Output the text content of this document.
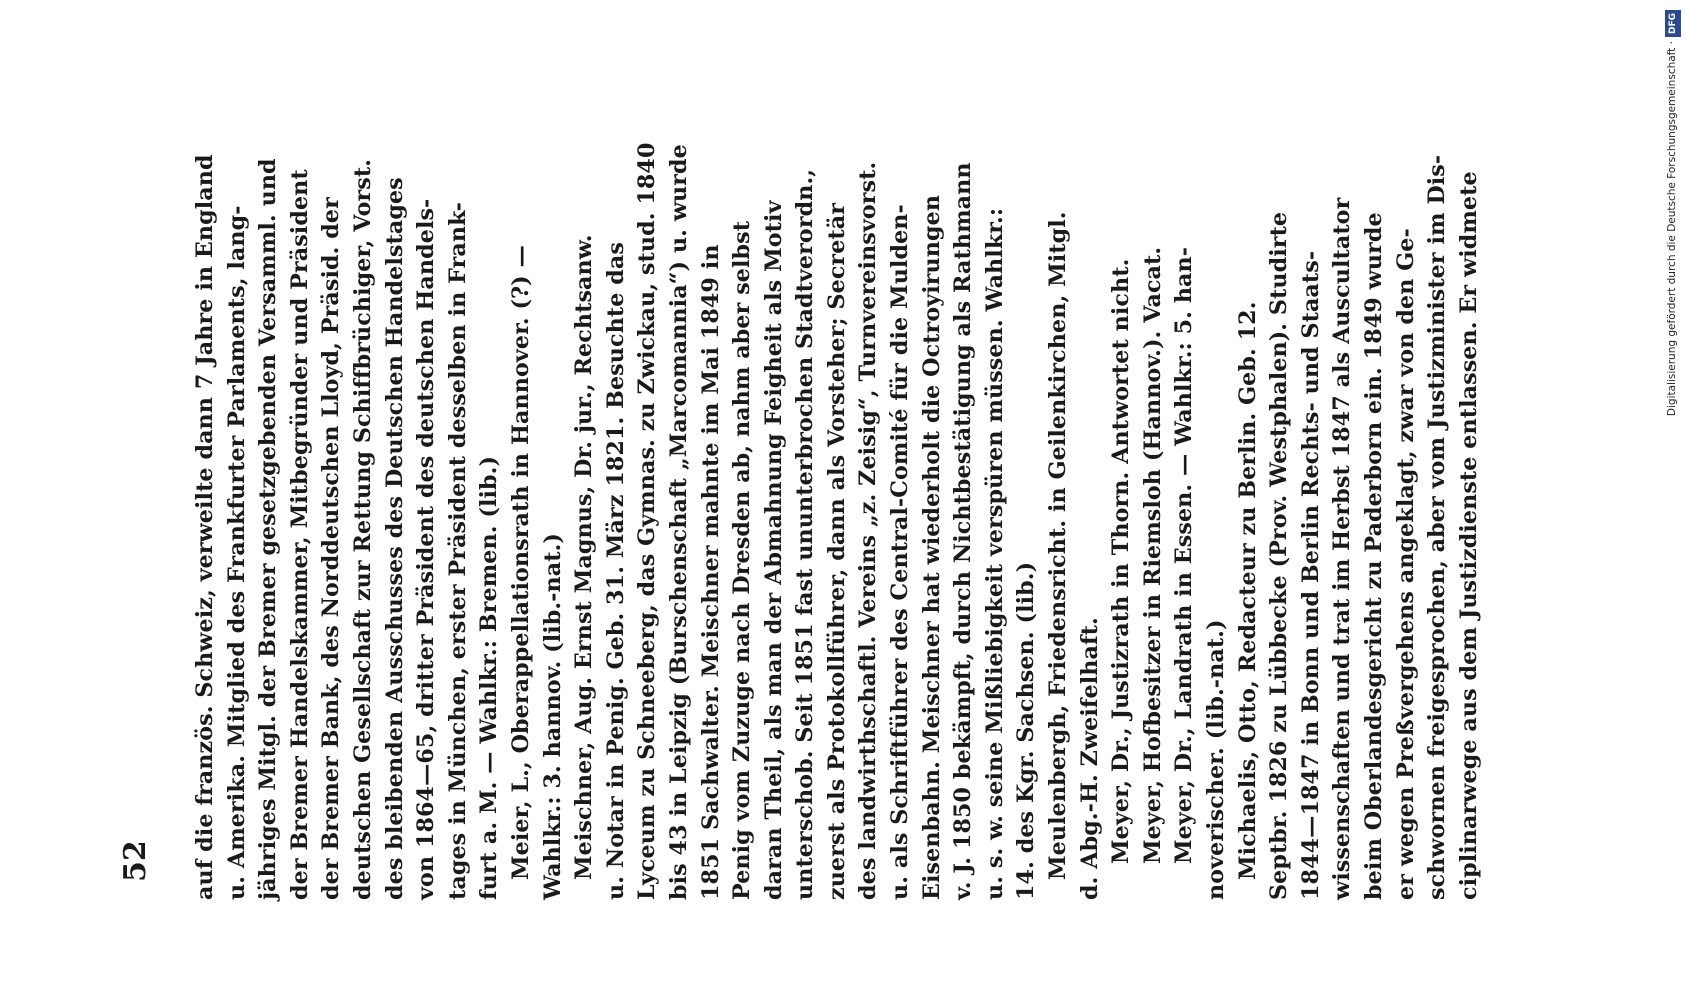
52 auf die französ. Schweiz, verweilte dann 7 Jahre in England u. Amerika. Mitglied des Frankfurter Parlaments, lang- jähriges Mitgl. der Bremer gesetzgebenden Versamml. und der Bremer Handelskammer, Mitbegründer und Präsident der Bremer Bank, des Norddeutschen Lloyd, Präsid. der deutschen Gesellschaft zur Rettung Schiffbrüchiger, Vorst. des bleibenden Ausschusses des Deutschen Handelstages von 1864—65, dritter Präsident des deutschen Handels- tages in München, erster Präsident desselben in Frank- furt a. M. — Wahlkr.: Bremen. (lib.) Meier, L., Oberappellationsrath in Hannover. (?) — Wahlkr.: 3. hannov. (lib.-nat.) Meischner, Aug. Ernst Magnus, Dr. jur., Rechtsanw. u. Notar in Penig. Geb. 31. März 1821. Besuchte das Lyceum zu Schneeberg, das Gymnas. zu Zwickau, stud. 1840 bis 43 in Leipzig (Burschenschaft „Marcomannia“) u. wurde 1851 Sachwalter. Meischner mahnte im Mai 1849 in Penig vom Zuzuge nach Dresden ab, nahm aber selbst daran Theil, als man der Abmahnung Feigheit als Motiv unterschob. Seit 1851 fast ununterbrochen Stadtverordn., zuerst als Protokollführer, dann als Vorsteher; Secretär des landwirthschaftl. Vereins „z. Zeisig“, Turnvereinsvorst. u. als Schriftführer des Central-Comité für die Mulden- Eisenbahn. Meischner hat wiederholt die Octroyirungen v. J. 1850 bekämpft, durch Nichtbestätigung als Rathmann u. s. w. seine Mißliebigkeit verspüren müssen. Wahlkr.: 14. des Kgr. Sachsen. (lib.) Meulenbergh, Friedensricht. in Geilenkirchen, Mitgl. d. Abg.-H. Zweifelhaft. Meyer, Dr., Justizrath in Thorn. Antwortet nicht. Meyer, Hofbesitzer in Riemsloh (Hannov.). Vacat. Meyer, Dr., Landrath in Essen. — Wahlkr.: 5. han- noverischer. (lib.-nat.) Michaelis, Otto, Redacteur zu Berlin. Geb. 12. Septbr. 1826 zu Lübbecke (Prov. Westphalen). Studirte 1844—1847 in Bonn und Berlin Rechts- und Staats- wissenschaften und trat im Herbst 1847 als Auscultator beim Oberlandesgericht zu Paderborn ein. 1849 wurde er wegen Preßvergehens angeklagt, zwar von den Ge- schwornen freigesprochen, aber vom Justizminister im Dis- ciplinarwege aus dem Justizdienste entlassen. Er widmete	Digitalisierung gefördert durch die Deutsche Forschungsgemeinschaft ·DFG
